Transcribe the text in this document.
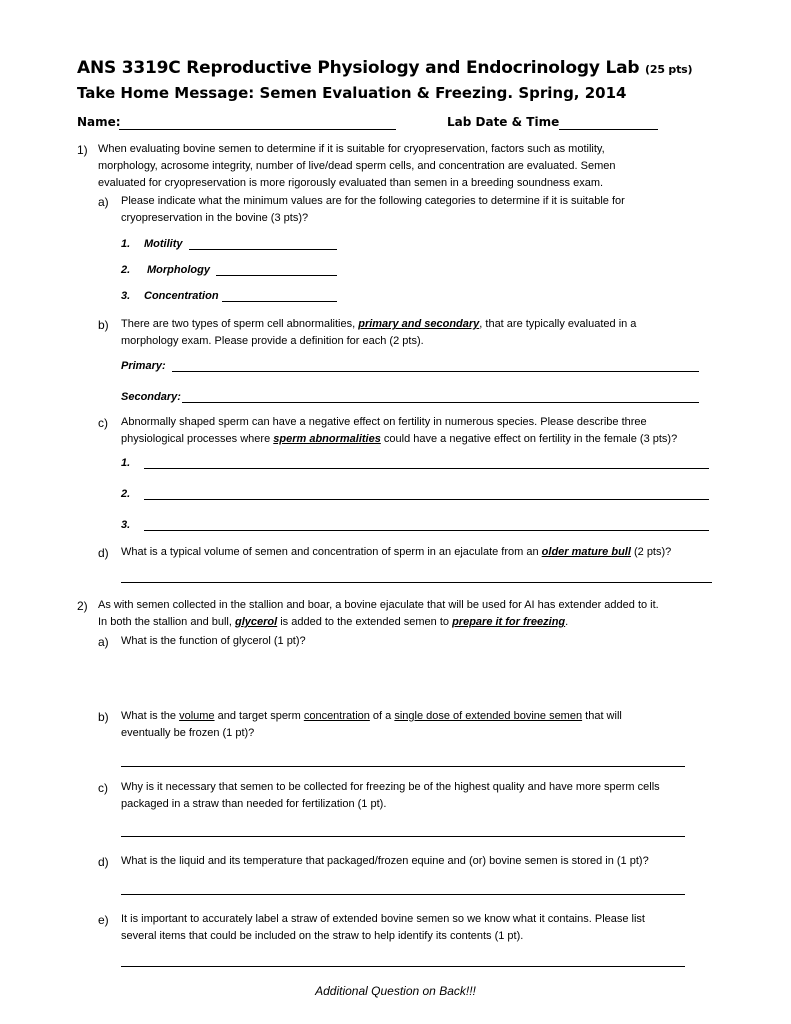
ANS 3319C Reproductive Physiology and Endocrinology Lab (25 pts)
Take Home Message: Semen Evaluation & Freezing. Spring, 2014
Name:	Lab Date & Time
1) When evaluating bovine semen to determine if it is suitable for cryopreservation, factors such as motility,
morphology, acrosome integrity, number of live/dead sperm cells, and concentration are evaluated. Semen
evaluated for cryopreservation is more rigorously evaluated than semen in a breeding soundness exam.
a) Please indicate what the minimum values are for the following categories to determine if it is suitable for
cryopreservation in the bovine (3 pts)?
1. Motility
2. Morphology
3. Concentration
b) There are two types of sperm cell abnormalities, primary and secondary, that are typically evaluated in a
morphology exam. Please provide a definition for each (2 pts).
Primary:
Secondary:
c) Abnormally shaped sperm can have a negative effect on fertility in numerous species. Please describe three
physiological processes where sperm abnormalities could have a negative effect on fertility in the female (3 pts)?
1.
2.
3.
d) What is a typical volume of semen and concentration of sperm in an ejaculate from an older mature bull (2 pts)?
2) As with semen collected in the stallion and boar, a bovine ejaculate that will be used for AI has extender added to it.
In both the stallion and bull, glycerol is added to the extended semen to prepare it for freezing.
a) What is the function of glycerol (1 pt)?
b) What is the volume and target sperm concentration of a single dose of extended bovine semen that will
eventually be frozen (1 pt)?
c) Why is it necessary that semen to be collected for freezing be of the highest quality and have more sperm cells
packaged in a straw than needed for fertilization (1 pt).
d) What is the liquid and its temperature that packaged/frozen equine and (or) bovine semen is stored in (1 pt)?
e) It is important to accurately label a straw of extended bovine semen so we know what it contains. Please list
several items that could be included on the straw to help identify its contents (1 pt).
Additional Question on Back!!!
